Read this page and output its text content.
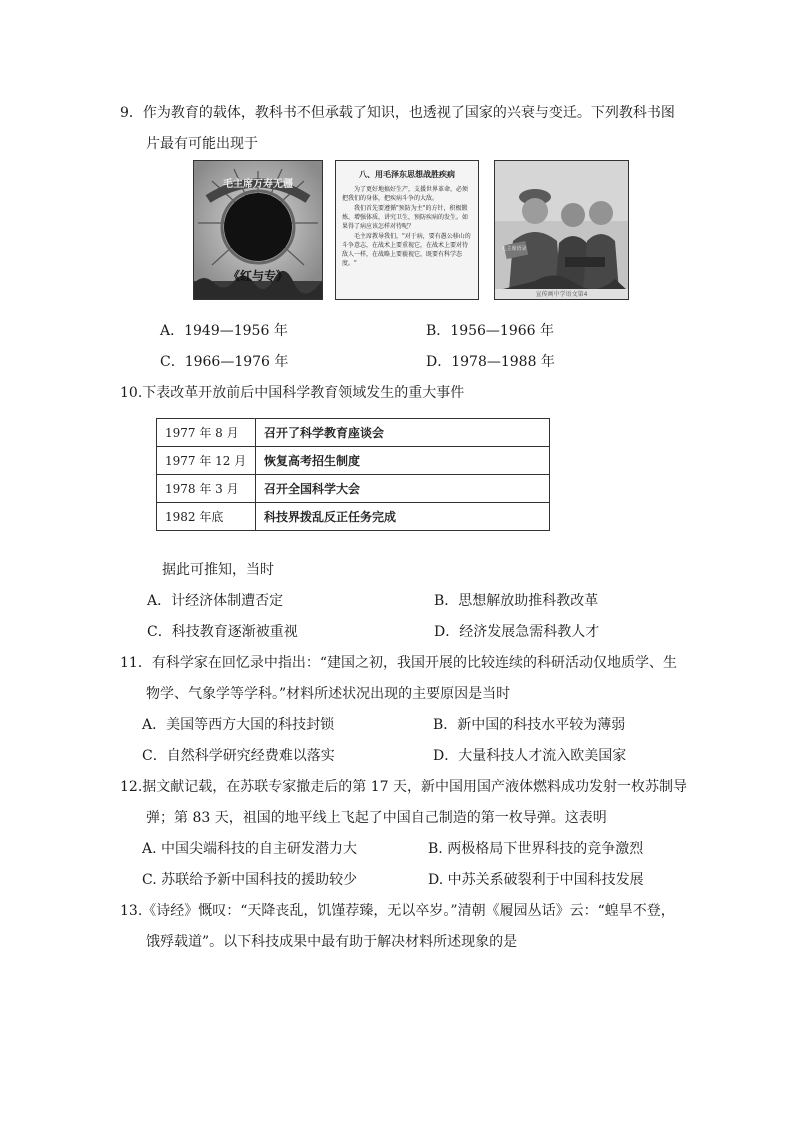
9．作为教育的载体，教科书不但承载了知识，也透视了国家的兴衰与变迁。下列教科书图
片最有可能出现于
毛主席万寿无疆
《红与专》
八、用毛泽东思想战胜疾病

为了更好地搞好生产，支援世界革命，必须把我们的身体，把疾病斗争的大敌。

我们首先要遵循"预防为主"的方针，积极锻炼，增强体质，讲究卫生，预防疾病的发生。如果得了病应该怎样对待呢？

毛主席教导我们，"对于病，要有愚公移山的斗争意志，在战术上要重视它，在战术上要对待敌人一样，在战略上要藐视它，既要有科学态度。"

毛主席语录
宣传画中学语文第4
A．1949—1956 年	B．1956—1966 年
C．1966—1976 年	D．1978—1988 年
10.下表改革开放前后中国科学教育领域发生的重大事件
1977 年 8 月	召开了科学教育座谈会
1977 年 12 月	恢复高考招生制度
1978 年 3 月	召开全国科学大会
1982 年底	科技界拨乱反正任务完成
据此可推知，当时
A．计经济体制遭否定	B．思想解放助推科教改革
C．科技教育逐渐被重视	D．经济发展急需科教人才
11．有科学家在回忆录中指出：“建国之初，我国开展的比较连续的科研活动仅地质学、生
物学、气象学等学科。”材料所述状况出现的主要原因是当时
A．美国等西方大国的科技封锁	B．新中国的科技水平较为薄弱
C．自然科学研究经费难以落实	D．大量科技人才流入欧美国家
12.据文献记载，在苏联专家撤走后的第 17 天，新中国用国产液体燃料成功发射一枚苏制导
弹；第 83 天，祖国的地平线上飞起了中国自己制造的第一枚导弹。这表明
A. 中国尖端科技的自主研发潜力大	B. 两极格局下世界科技的竞争激烈
C. 苏联给予新中国科技的援助较少	D. 中苏关系破裂利于中国科技发展
13.《诗经》慨叹：“天降丧乱，饥馑荐臻，无以卒岁。”清朝《履园丛话》云：“蝗旱不登，
饿殍载道”。以下科技成果中最有助于解决材料所述现象的是
